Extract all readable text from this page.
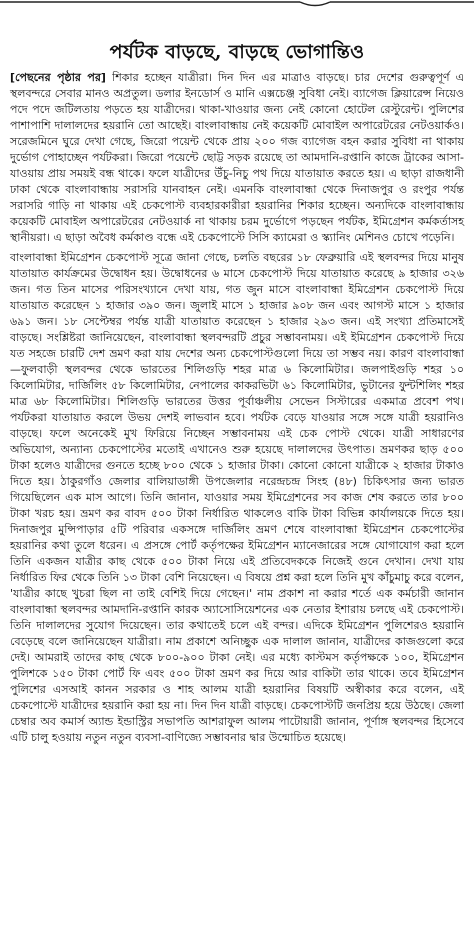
পর্যটক বাড়ছে, বাড়ছে ভোগান্তিও

[পেছনের পৃষ্ঠার পর] শিকার হচ্ছেন যাত্রীরা। দিন দিন এর মাত্রাও বাড়ছে। চার দেশের গুরুত্বপূর্ণ এ স্থলবন্দরে সেবার মানও অপ্রতুল। ডলার ইনডোর্স ও মানি এক্সচেঞ্জ সুবিধা নেই। ব্যাগেজ ক্লিয়ারেন্স নিয়েও পদে পদে জটিলতায় পড়তে হয় যাত্রীদের। থাকা-খাওয়ার জন্য নেই কোনো হোটেল রেস্টুরেন্ট। পুলিশের পাশাপাশি দালালদের হয়রানি তো আছেই। বাংলাবান্ধায় নেই কয়েকটি মোবাইল অপারেটরের নেটওয়ার্কও। সরেজমিনে ঘুরে দেখা গেছে, জিরো পয়েন্ট থেকে প্রায় ২০০ গজ ব্যাগেজ বহন করার সুবিধা না থাকায় দুর্ভোগ পোহাচ্ছেন পর্যটকরা। জিরো পয়েন্টে ছোট্ট সড়ক রয়েছে তা আমদানি-রপ্তানি কাজে ট্রাকের আসা-যাওয়ায় প্রায় সময়ই বন্ধ থাকে। ফলে যাত্রীদের উঁচু-নিচু পথ দিয়ে যাতায়াত করতে হয়। এ ছাড়া রাজধানী ঢাকা থেকে বাংলাবান্ধায় সরাসরি যানবাহন নেই। এমনকি বাংলাবান্ধা থেকে দিনাজপুর ও রংপুর পর্যন্ত সরাসরি গাড়ি না থাকায় এই চেকপোস্ট ব্যবহারকারীরা হয়রানির শিকার হচ্ছেন। অন্যদিকে বাংলাবান্ধায় কয়েকটি মোবাইল অপারেটরের নেটওয়ার্ক না থাকায় চরম দুর্ভোগে পড়ছেন পর্যটক, ইমিগ্রেশন কর্মকর্তাসহ স্থানীয়রা। এ ছাড়া অবৈধ কর্মকাণ্ড বন্ধে এই চেকপোস্টে সিসি ক্যামেরা ও স্ক্যানিং মেশিনও চোখে পড়েনি।

বাংলাবান্ধা ইমিগ্রেশন চেকপোস্ট সূত্রে জানা গেছে, চলতি বছরের ১৮ ফেব্রুয়ারি এই স্থলবন্দর দিয়ে মানুষ যাতায়াত কার্যক্রমের উদ্বোধন হয়। উদ্বোধনের ৬ মাসে চেকপোস্ট দিয়ে যাতায়াত করেছে ৯ হাজার ৩২৬ জন। গত তিন মাসের পরিসংখ্যানে দেখা যায়, গত জুন মাসে বাংলাবান্ধা ইমিগ্রেশন চেকপোস্ট দিয়ে যাতায়াত করেছেন ১ হাজার ৩৯০ জন। জুলাই মাসে ১ হাজার ৯০৮ জন এবং আগস্ট মাসে ১ হাজার ৬৯১ জন। ১৮ সেপ্টেম্বর পর্যন্ত যাত্রী যাতায়াত করেছেন ১ হাজার ২৯৩ জন। এই সংখ্যা প্রতিমাসেই বাড়ছে। সংশ্লিষ্টরা জানিয়েছেন, বাংলাবান্ধা স্থলবন্দরটি প্রচুর সম্ভাবনাময়। এই ইমিগ্রেশন চেকপোস্ট দিয়ে যত সহজে চারটি দেশ ভ্রমণ করা যায় দেশের অন্য চেকপোস্টগুলো দিয়ে তা সম্ভব নয়। কারণ বাংলাবান্ধা—ফুলবাড়ী স্থলবন্দর থেকে ভারতের শিলিগুড়ি শহর মাত্র ৬ কিলোমিটার। জলপাইগুড়ি শহর ১০ কিলোমিটার, দার্জিলিং ৫৮ কিলোমিটার, নেপালের কাকরভিটা ৬১ কিলোমিটার, ভুটানের ফুন্টশিলিং শহর মাত্র ৬৮ কিলোমিটার। শিলিগুড়ি ভারতের উত্তর পূর্বাঞ্চলীয় সেভেন সিস্টারের একমাত্র প্রবেশ পথ। পর্যটকরা যাতায়াত করলে উভয় দেশই লাভবান হবে। পর্যটক বেড়ে যাওয়ার সঙ্গে সঙ্গে যাত্রী হয়রানিও বাড়ছে। ফলে অনেকেই মুখ ফিরিয়ে নিচ্ছেন সম্ভাবনাময় এই চেক পোস্ট থেকে। যাত্রী সাধারণের অভিযোগ, অন্যান্য চেকপোস্টের মতোই এখানেও শুরু হয়েছে দালালদের উৎপাত। ভ্রমণকর ছাড় ৫০০ টাকা হলেও যাত্রীদের গুনতে হচ্ছে ৮০০ থেকে ১ হাজার টাকা। কোনো কোনো যাত্রীকে ২ হাজার টাকাও দিতে হয়। ঠাকুরগাঁও জেলার বালিয়াডাঙ্গী উপজেলার নরেন্দ্রচন্দ্র সিংহ (৪৮) চিকিৎসার জন্য ভারত গিয়েছিলেন এক মাস আগে। তিনি জানান, যাওয়ার সময় ইমিগ্রেশনের সব কাজ শেষ করতে তার ৮০০ টাকা খরচ হয়। ভ্রমণ কর বাবদ ৫০০ টাকা নির্ধারিত থাকলেও বাকি টাকা বিভিন্ন কার্যালয়কে দিতে হয়। দিনাজপুর মুন্সিপাড়ার ৫টি পরিবার একসঙ্গে দার্জিলিং ভ্রমণ শেষে বাংলাবান্ধা ইমিগ্রেশন চেকপোস্টের হয়রানির কথা তুলে ধরেন। এ প্রসঙ্গে পোর্ট কর্তৃপক্ষের ইমিগ্রেশন ম্যানেজারের সঙ্গে যোগাযোগ করা হলে তিনি একজন যাত্রীর কাছ থেকে ৫০০ টাকা নিয়ে এই প্রতিবেদককে নিজেই গুনে দেখান। দেখা যায় নির্ধারিত ফির থেকে তিনি ১৩ টাকা বেশি নিয়েছেন। এ বিষয়ে প্রশ্ন করা হলে তিনি মুখ কাঁচুমাচু করে বলেন, 'যাত্রীর কাছে খুচরা ছিল না তাই বেশিই দিয়ে গেছেন।' নাম প্রকাশ না করার শর্তে এক কর্মচারী জানান বাংলাবান্ধা স্থলবন্দর আমদানি-রপ্তানি কারক অ্যাসোসিয়েশনের এক নেতার ইশারায় চলছে এই চেকপোস্ট। তিনি দালালদের সুযোগ দিয়েছেন। তার কথাতেই চলে এই বন্দর। এদিকে ইমিগ্রেশন পুলিশেরও হয়রানি বেড়েছে বলে জানিয়েছেন যাত্রীরা। নাম প্রকাশে অনিচ্ছুক এক দালাল জানান, যাত্রীদের কাজগুলো করে দেই। আমরাই তাদের কাছ থেকে ৮০০-৯০০ টাকা নেই। এর মধ্যে কাস্টমস কর্তৃপক্ষকে ১০০, ইমিগ্রেশন পুলিশকে ১৫০ টাকা পোর্ট ফি এবং ৫০০ টাকা ভ্রমণ কর দিয়ে আর বাকিটা তার থাকে। তবে ইমিগ্রেশন পুলিশের এসআই কানন সরকার ও শাহ আলম যাত্রী হয়রানির বিষয়টি অস্বীকার করে বলেন, এই চেকপোস্টে যাত্রীদের হয়রানি করা হয় না। দিন দিন যাত্রী বাড়ছে। চেকপোস্টটি জনপ্রিয় হয়ে উঠছে। জেলা চেম্বার অব কমার্স অ্যান্ড ইন্ডাস্ট্রির সভাপতি আশরাফুল আলম পাটোয়ারী জানান, পূর্ণাঙ্গ স্থলবন্দর হিসেবে এটি চালু হওয়ায় নতুন নতুন ব্যবসা-বাণিজ্যে সম্ভাবনার দ্বার উন্মোচিত হয়েছে।
